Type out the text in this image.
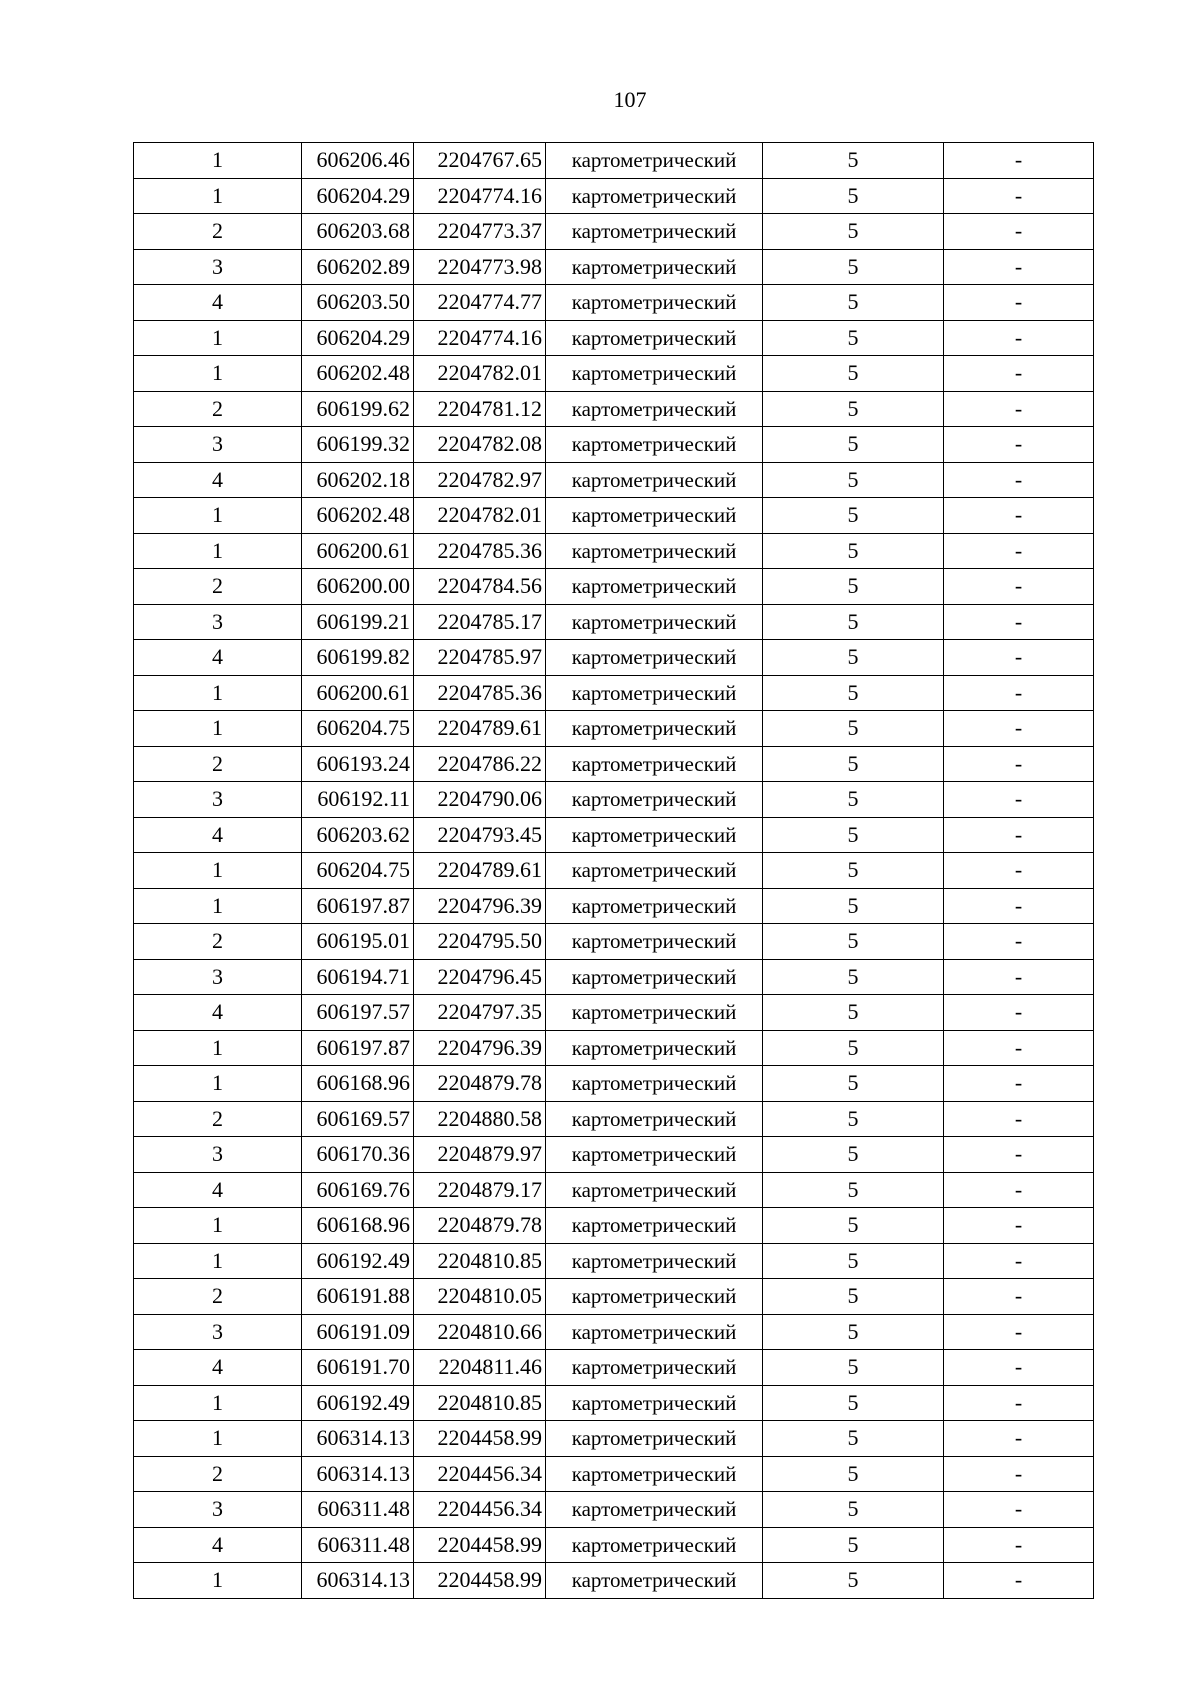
107
1	606206.46	2204767.65	картометрический	5	-
1	606204.29	2204774.16	картометрический	5	-
2	606203.68	2204773.37	картометрический	5	-
3	606202.89	2204773.98	картометрический	5	-
4	606203.50	2204774.77	картометрический	5	-
1	606204.29	2204774.16	картометрический	5	-
1	606202.48	2204782.01	картометрический	5	-
2	606199.62	2204781.12	картометрический	5	-
3	606199.32	2204782.08	картометрический	5	-
4	606202.18	2204782.97	картометрический	5	-
1	606202.48	2204782.01	картометрический	5	-
1	606200.61	2204785.36	картометрический	5	-
2	606200.00	2204784.56	картометрический	5	-
3	606199.21	2204785.17	картометрический	5	-
4	606199.82	2204785.97	картометрический	5	-
1	606200.61	2204785.36	картометрический	5	-
1	606204.75	2204789.61	картометрический	5	-
2	606193.24	2204786.22	картометрический	5	-
3	606192.11	2204790.06	картометрический	5	-
4	606203.62	2204793.45	картометрический	5	-
1	606204.75	2204789.61	картометрический	5	-
1	606197.87	2204796.39	картометрический	5	-
2	606195.01	2204795.50	картометрический	5	-
3	606194.71	2204796.45	картометрический	5	-
4	606197.57	2204797.35	картометрический	5	-
1	606197.87	2204796.39	картометрический	5	-
1	606168.96	2204879.78	картометрический	5	-
2	606169.57	2204880.58	картометрический	5	-
3	606170.36	2204879.97	картометрический	5	-
4	606169.76	2204879.17	картометрический	5	-
1	606168.96	2204879.78	картометрический	5	-
1	606192.49	2204810.85	картометрический	5	-
2	606191.88	2204810.05	картометрический	5	-
3	606191.09	2204810.66	картометрический	5	-
4	606191.70	2204811.46	картометрический	5	-
1	606192.49	2204810.85	картометрический	5	-
1	606314.13	2204458.99	картометрический	5	-
2	606314.13	2204456.34	картометрический	5	-
3	606311.48	2204456.34	картометрический	5	-
4	606311.48	2204458.99	картометрический	5	-
1	606314.13	2204458.99	картометрический	5	-
